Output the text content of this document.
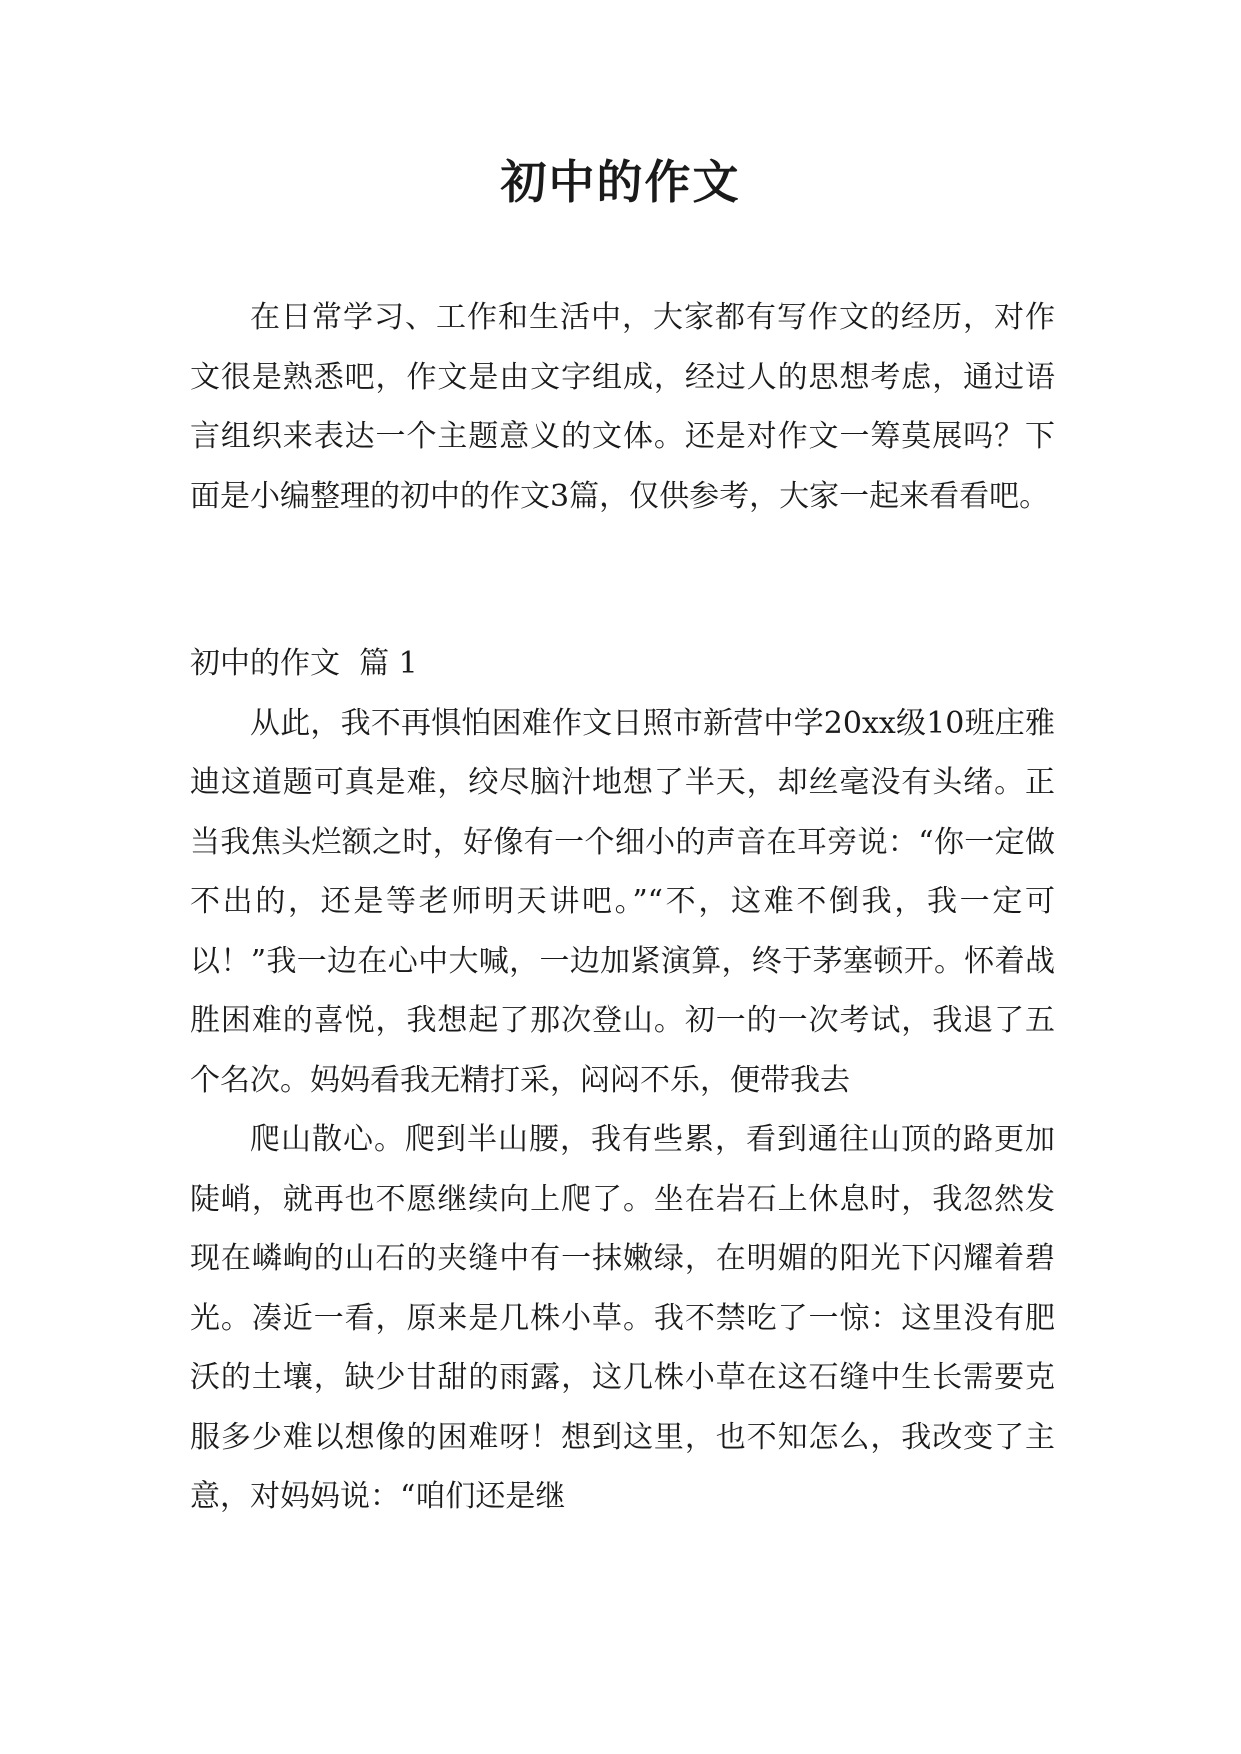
初中的作文

在日常学习、工作和生活中，大家都有写作文的经历，对作文很是熟悉吧，作文是由文字组成，经过人的思想考虑，通过语言组织来表达一个主题意义的文体。还是对作文一筹莫展吗？下面是小编整理的初中的作文3篇，仅供参考，大家一起来看看吧。

初中的作文  篇 1

从此，我不再惧怕困难作文日照市新营中学20xx级10班庄雅迪这道题可真是难，绞尽脑汁地想了半天，却丝毫没有头绪。正当我焦头烂额之时，好像有一个细小的声音在耳旁说：“你一定做不出的，还是等老师明天讲吧。”“不，这难不倒我，我一定可以！”我一边在心中大喊，一边加紧演算，终于茅塞顿开。怀着战胜困难的喜悦，我想起了那次登山。初一的一次考试，我退了五个名次。妈妈看我无精打采，闷闷不乐，便带我去

爬山散心。爬到半山腰，我有些累，看到通往山顶的路更加陡峭，就再也不愿继续向上爬了。坐在岩石上休息时，我忽然发现在嶙峋的山石的夹缝中有一抹嫩绿，在明媚的阳光下闪耀着碧光。凑近一看，原来是几株小草。我不禁吃了一惊：这里没有肥沃的土壤，缺少甘甜的雨露，这几株小草在这石缝中生长需要克服多少难以想像的困难呀！想到这里，也不知怎么，我改变了主意，对妈妈说：“咱们还是继
